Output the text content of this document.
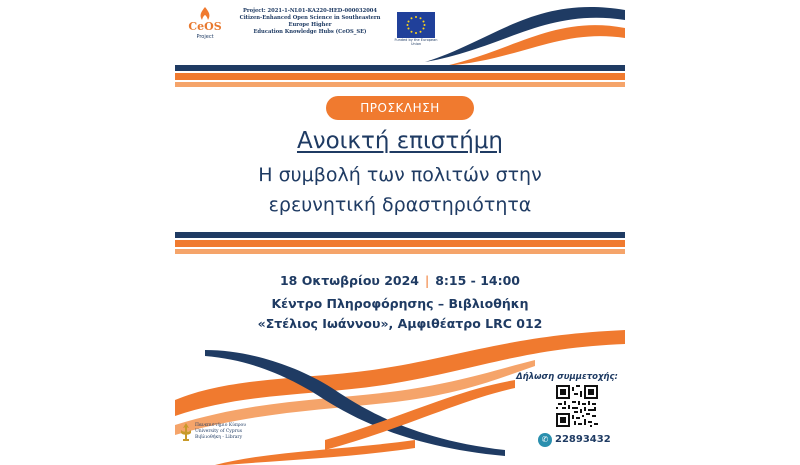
CeOS
Project
Project: 2021-1-NL01-KA220-HED-000032004
Citizen-Enhanced Open Science in Southeastern Europe Higher
Education Knowledge Hubs (CeOS_SE)
Funded by the European Union
ΠΡΟΣΚΛΗΣΗ
Ανοικτή επιστήμη
Η συμβολή των πολιτών στην
ερευνητική δραστηριότητα
18 Οκτωβρίου 2024 | 8:15 - 14:00
Κέντρο Πληροφόρησης – Βιβλιοθήκη
«Στέλιος Ιωάννου», Αμφιθέατρο LRC 012
Πανεπιστήμιο Κύπρου
University of Cyprus
Βιβλιοθήκη - Library
Δήλωση συμμετοχής:
✆ 22893432
